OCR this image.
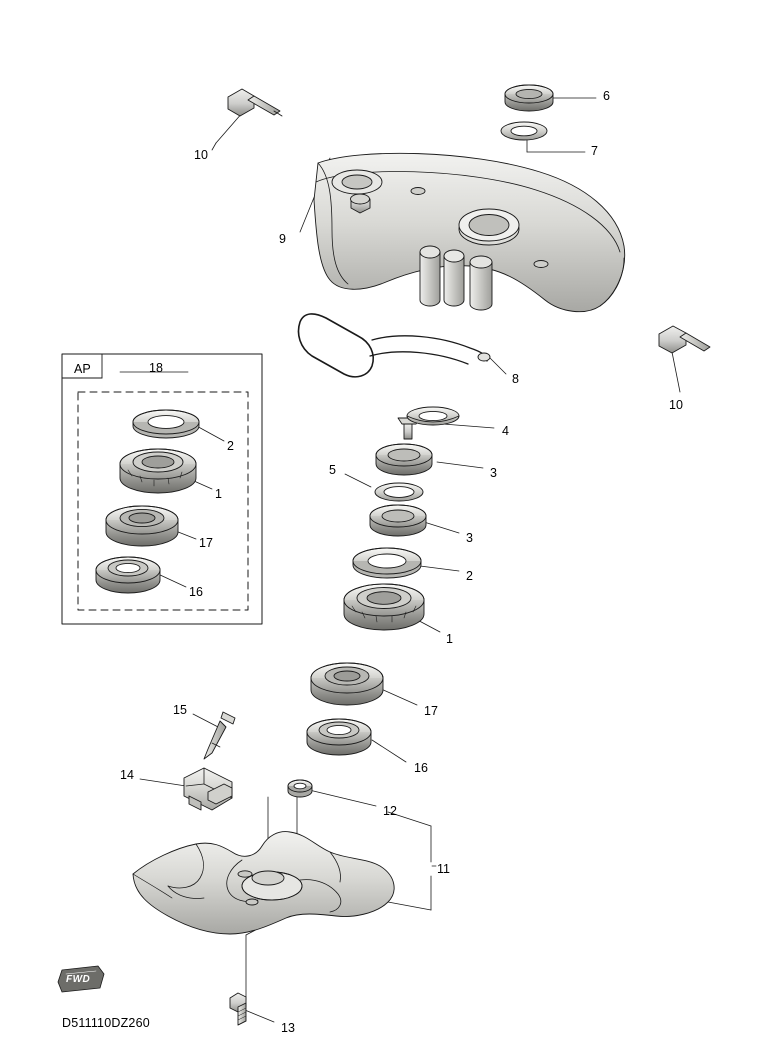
FWD
AP	18
6
7
10
9
8
10
4
3
5
3
2
1
17
16
15
14
12
11
13
2
1
17
16
D511110DZ260
